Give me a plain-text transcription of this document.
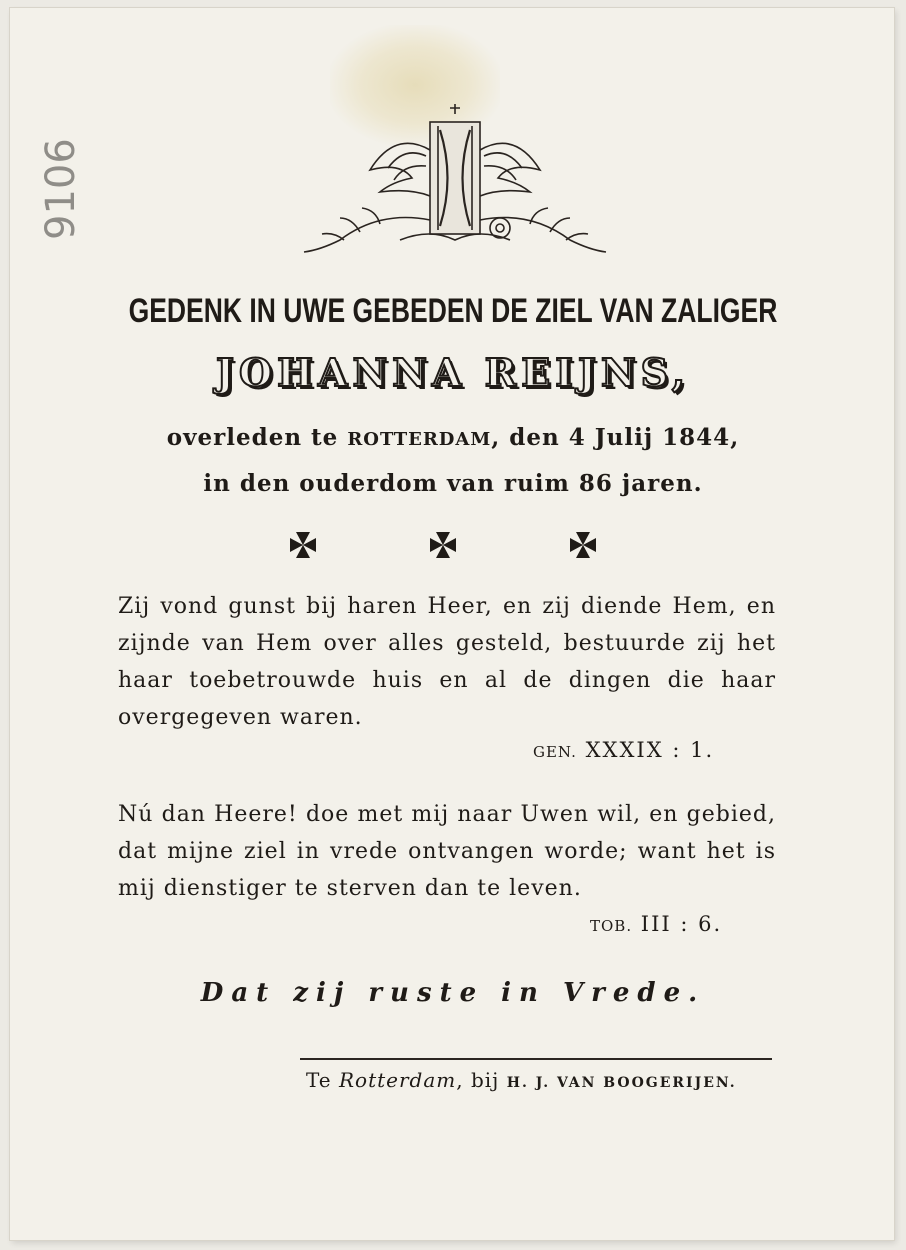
9106
GEDENK IN UWE GEBEDEN DE ZIEL VAN ZALIGER
JOHANNA REIJNS,
overleden te ROTTERDAM, den 4 Julij 1844,
in den ouderdom van ruim 86 jaren.
Zij vond gunst bij haren Heer, en zij diende Hem, en zijnde van Hem over alles gesteld, bestuurde zij het haar toebetrouwde huis en al de dingen die haar overgegeven waren.
GEN. XXXIX : 1.
Nú dan Heere! doe met mij naar Uwen wil, en gebied, dat mijne ziel in vrede ontvangen worde; want het is mij dienstiger te sterven dan te leven.
TOB. III : 6.
Dat zij ruste in Vrede.
Te Rotterdam, bij H. J. VAN BOOGERIJEN.
